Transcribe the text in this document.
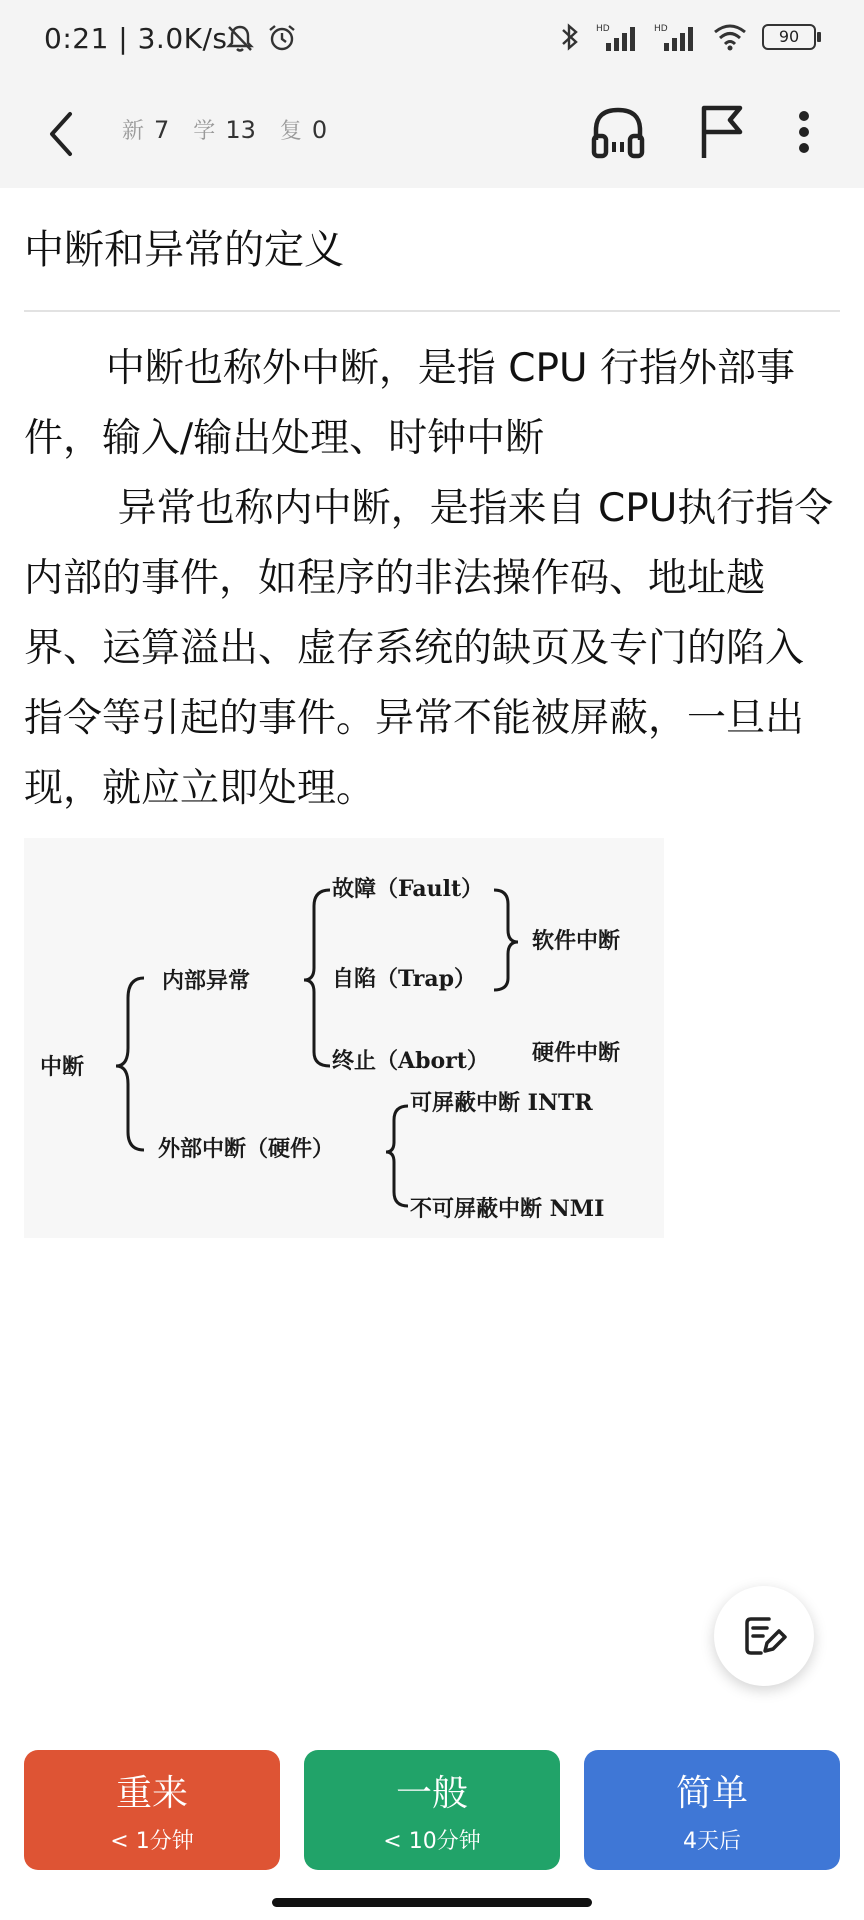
0:21 | 3.0K/s	HD	HD	90
新 7 学 13 复 0
中断和异常的定义
中断也称外中断，是指 CPU 行指外部事件，输入/输出处理、时钟中断
异常也称内中断，是指来自 CPU执行指令内部的事件，如程序的非法操作码、地址越界、运算溢出、虚存系统的缺页及专门的陷入指令等引起的事件。异常不能被屏蔽，一旦出现，就应立即处理。
中断
内部异常
外部中断（硬件）
故障（Fault）
自陷（Trap）
终止（Abort）
软件中断
硬件中断
可屏蔽中断 INTR
不可屏蔽中断 NMI
重来
< 1分钟
一般
< 10分钟
简单
4天后
